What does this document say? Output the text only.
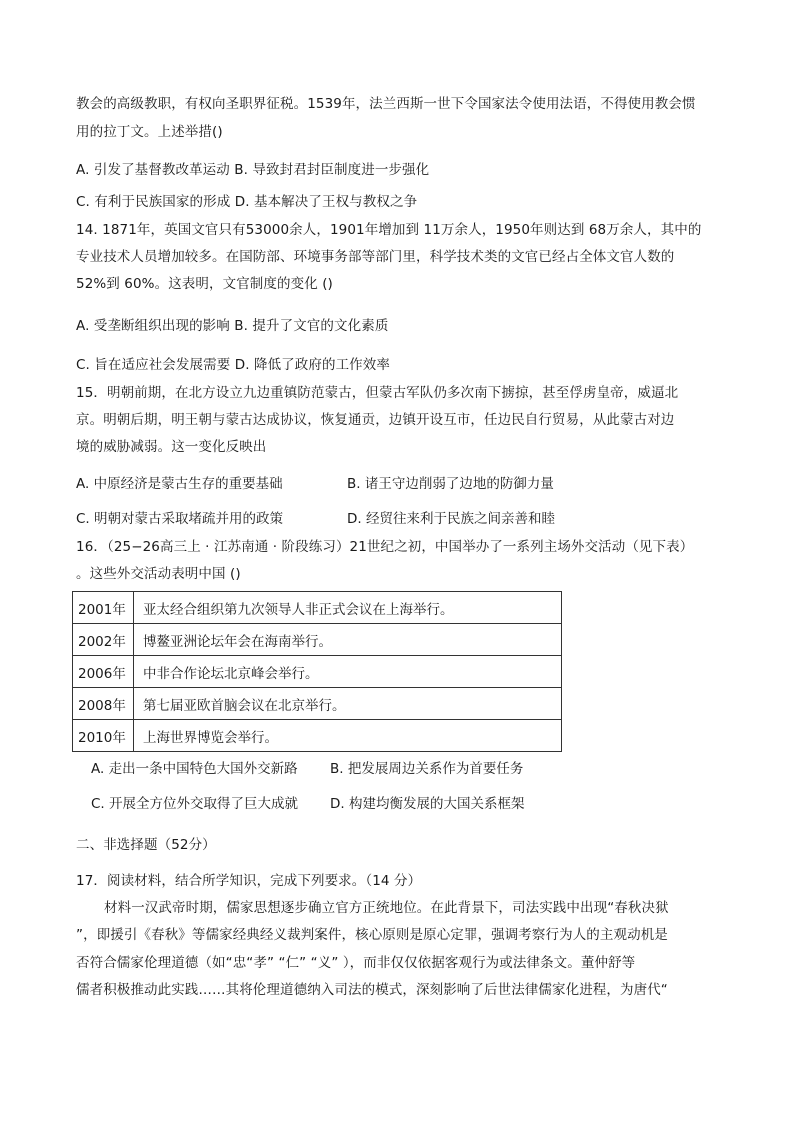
教会的高级教职，有权向圣职界征税。1539年，法兰西斯一世下令国家法令使用法语，不得使用教会惯
用的拉丁文。上述举措()
A. 引发了基督教改革运动 B. 导致封君封臣制度进一步强化
C. 有利于民族国家的形成 D. 基本解决了王权与教权之争
14. 1871年，英国文官只有53000余人，1901年增加到 11万余人，1950年则达到 68万余人，其中的
专业技术人员增加较多。在国防部、环境事务部等部门里，科学技术类的文官已经占全体文官人数的
52%到 60%。这表明，文官制度的变化 ()
A. 受垄断组织出现的影响 B. 提升了文官的文化素质
C. 旨在适应社会发展需要 D. 降低了政府的工作效率
15．明朝前期，在北方设立九边重镇防范蒙古，但蒙古军队仍多次南下掳掠，甚至俘虏皇帝，威逼北
京。明朝后期，明王朝与蒙古达成协议，恢复通贡，边镇开设互市，任边民自行贸易，从此蒙古对边
境的威胁减弱。这一变化反映出
A. 中原经济是蒙古生存的重要基础	B. 诸王守边削弱了边地的防御力量
C. 明朝对蒙古采取堵疏并用的政策	D. 经贸往来利于民族之间亲善和睦
16．（25−26高三上 · 江苏南通 · 阶段练习）21世纪之初，中国举办了一系列主场外交活动（见下表）
。这些外交活动表明中国 ()
2001年	亚太经合组织第九次领导人非正式会议在上海举行。
2002年	博鳌亚洲论坛年会在海南举行。
2006年	中非合作论坛北京峰会举行。
2008年	第七届亚欧首脑会议在北京举行。
2010年	上海世界博览会举行。
A. 走出一条中国特色大国外交新路 B. 把发展周边关系作为首要任务
C. 开展全方位外交取得了巨大成就 D. 构建均衡发展的大国关系框架
二、非选择题（52分）
17．阅读材料，结合所学知识，完成下列要求。（14 分）
材料一汉武帝时期，儒家思想逐步确立官方正统地位。在此背景下，司法实践中出现“春秋决狱
”，即援引《春秋》等儒家经典经义裁判案件，核心原则是原心定罪，强调考察行为人的主观动机是
否符合儒家伦理道德（如“忠“孝” “仁” “义” ），而非仅仅依据客观行为或法律条文。董仲舒等
儒者积极推动此实践……其将伦理道德纳入司法的模式，深刻影响了后世法律儒家化进程，为唐代“
